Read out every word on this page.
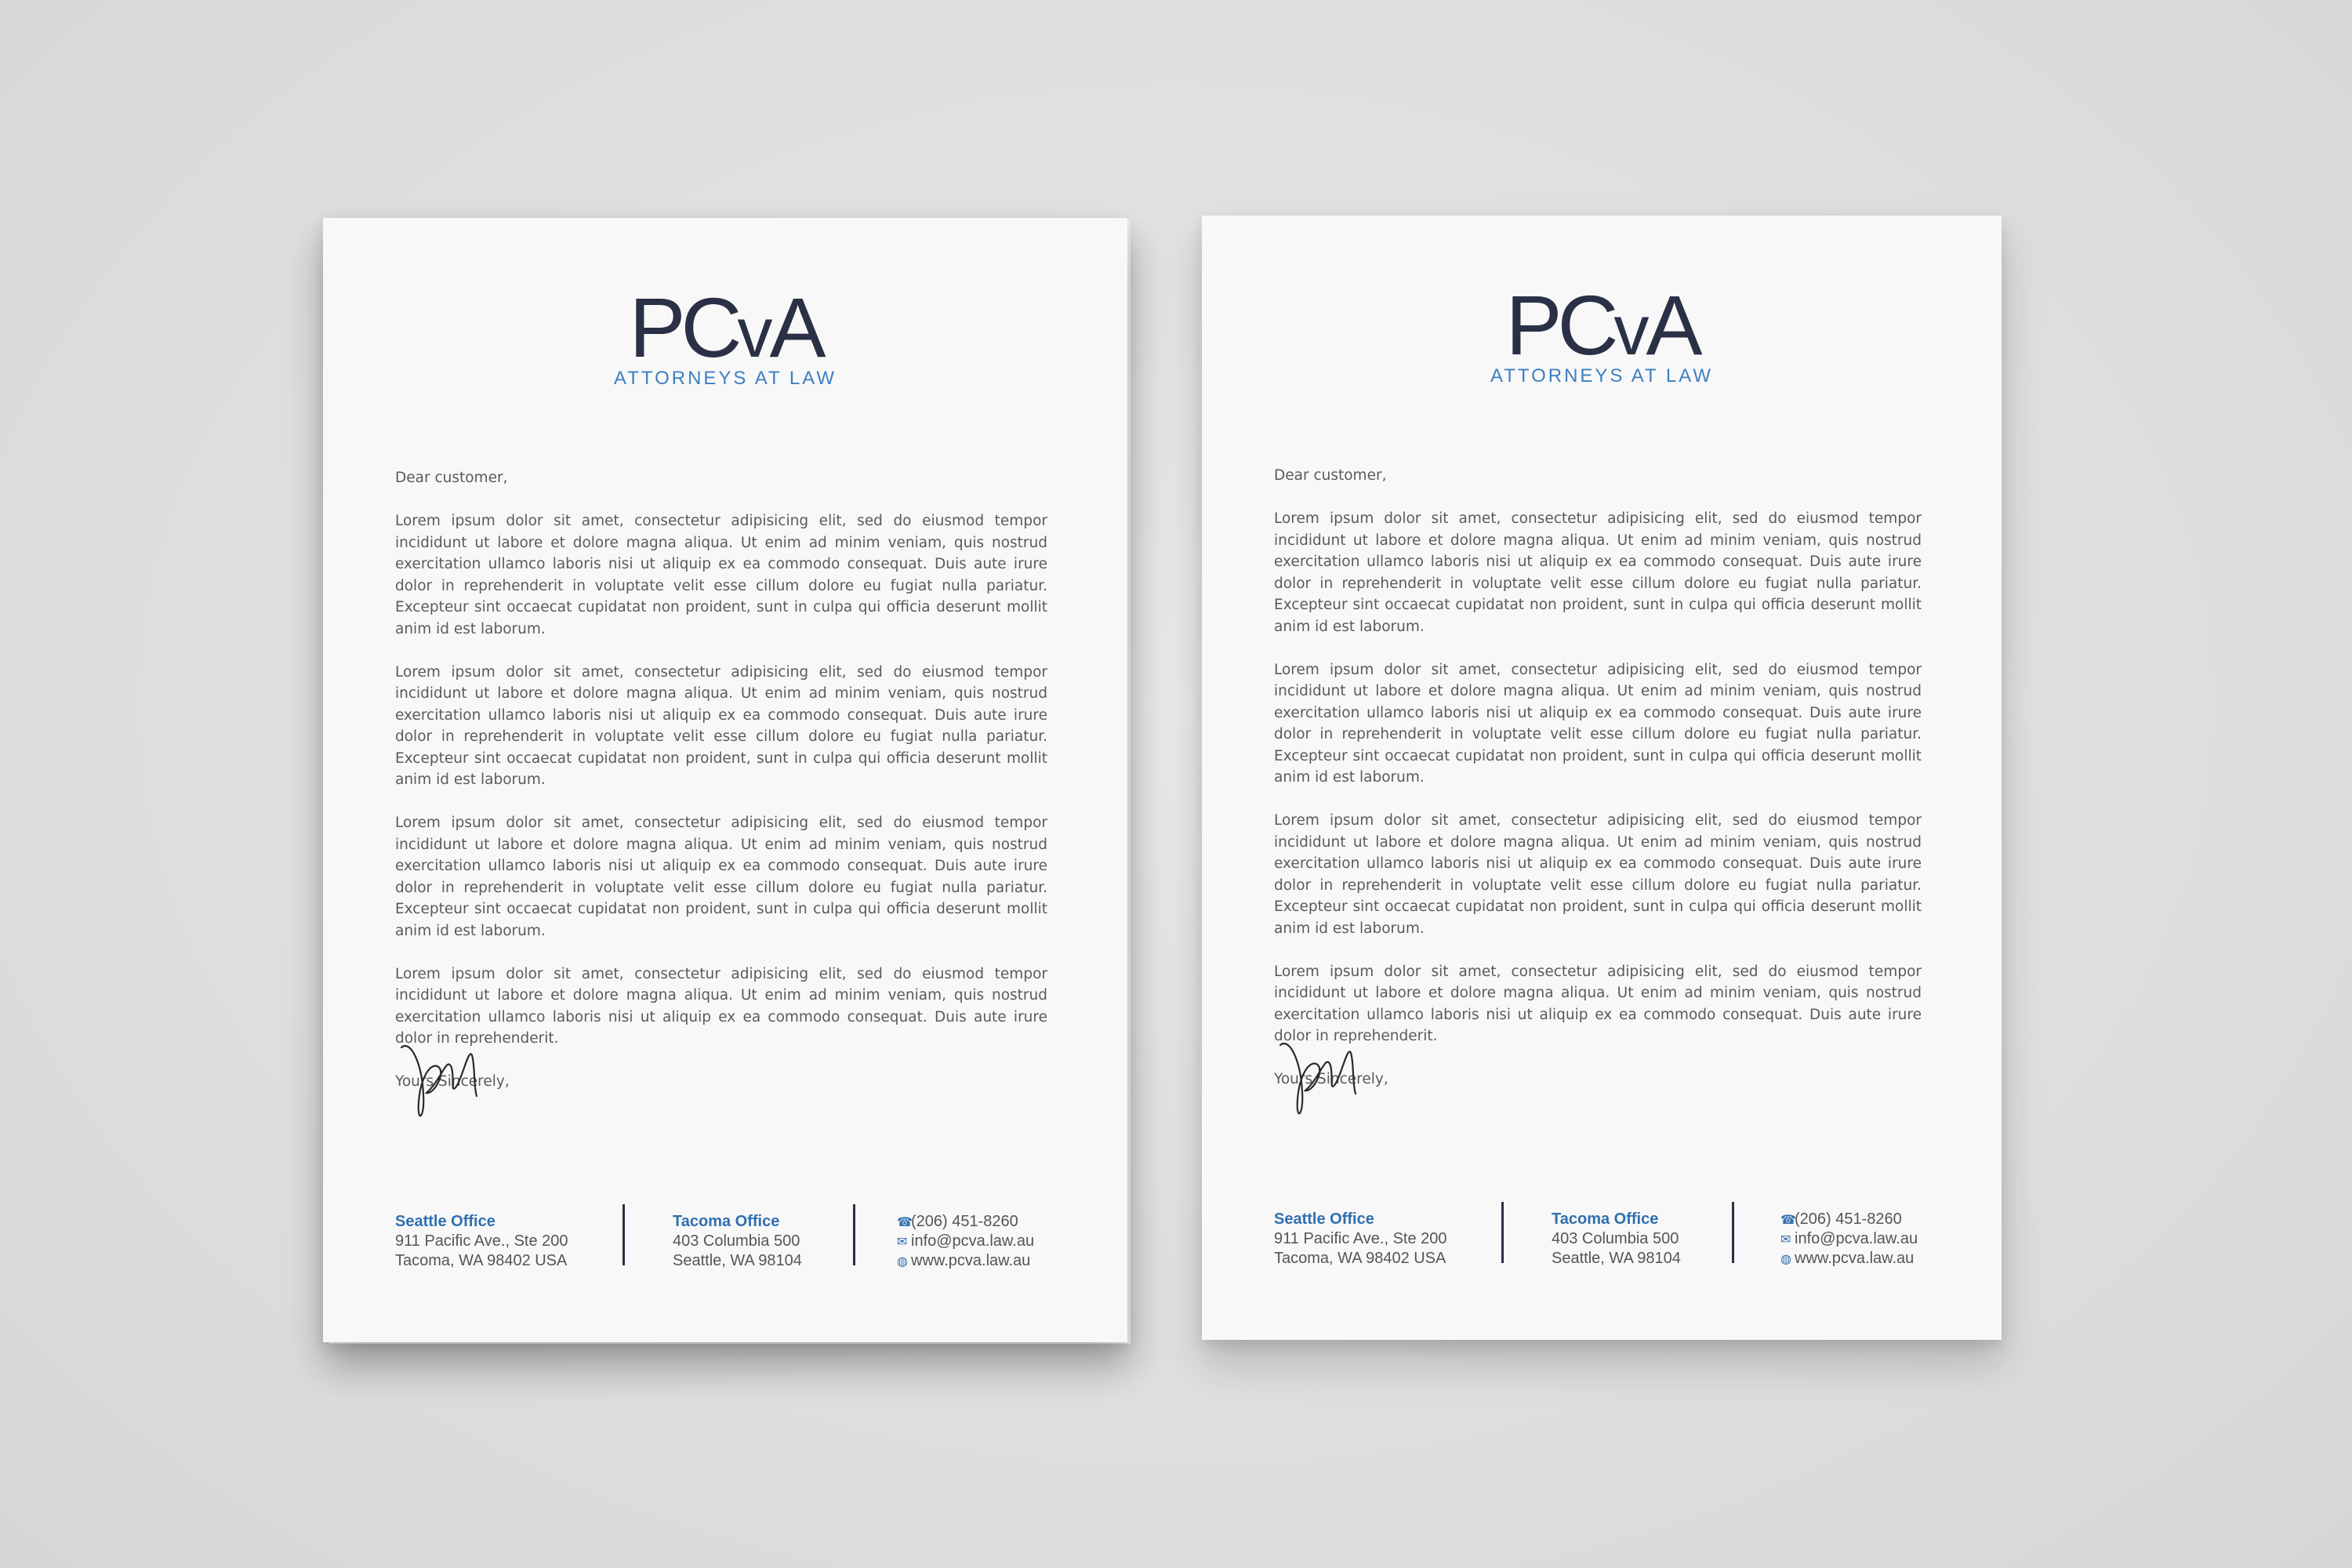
PCvA
ATTORNEYS AT LAW

Dear customer,

Lorem ipsum dolor sit amet, consectetur adipisicing elit, sed do eiusmod tempor incididunt ut labore et dolore magna aliqua. Ut enim ad minim veniam, quis nostrud exercitation ullamco laboris nisi ut aliquip ex ea commodo consequat. Duis aute irure dolor in reprehenderit in voluptate velit esse cillum dolore eu fugiat nulla pariatur. Excepteur sint occaecat cupidatat non proident, sunt in culpa qui officia deserunt mollit anim id est laborum.

Lorem ipsum dolor sit amet, consectetur adipisicing elit, sed do eiusmod tempor incididunt ut labore et dolore magna aliqua. Ut enim ad minim veniam, quis nostrud exercitation ullamco laboris nisi ut aliquip ex ea commodo consequat. Duis aute irure dolor in reprehenderit in voluptate velit esse cillum dolore eu fugiat nulla pariatur. Excepteur sint occaecat cupidatat non proident, sunt in culpa qui officia deserunt mollit anim id est laborum.

Lorem ipsum dolor sit amet, consectetur adipisicing elit, sed do eiusmod tempor incididunt ut labore et dolore magna aliqua. Ut enim ad minim veniam, quis nostrud exercitation ullamco laboris nisi ut aliquip ex ea commodo consequat. Duis aute irure dolor in reprehenderit in voluptate velit esse cillum dolore eu fugiat nulla pariatur. Excepteur sint occaecat cupidatat non proident, sunt in culpa qui officia deserunt mollit anim id est laborum.

Lorem ipsum dolor sit amet, consectetur adipisicing elit, sed do eiusmod tempor incididunt ut labore et dolore magna aliqua. Ut enim ad minim veniam, quis nostrud exercitation ullamco laboris nisi ut aliquip ex ea commodo consequat. Duis aute irure dolor in reprehenderit.

Yours Sincerely,

Seattle Office
911 Pacific Ave., Ste 200
Tacoma, WA 98402 USA
Tacoma Office
403 Columbia 500
Seattle, WA 98104
☎(206) 451-8260
✉ info@pcva.law.au
◍ www.pcva.law.au
PCvA
ATTORNEYS AT LAW

Dear customer,

Lorem ipsum dolor sit amet, consectetur adipisicing elit, sed do eiusmod tempor incididunt ut labore et dolore magna aliqua. Ut enim ad minim veniam, quis nostrud exercitation ullamco laboris nisi ut aliquip ex ea commodo consequat. Duis aute irure dolor in reprehenderit in voluptate velit esse cillum dolore eu fugiat nulla pariatur. Excepteur sint occaecat cupidatat non proident, sunt in culpa qui officia deserunt mollit anim id est laborum.

Lorem ipsum dolor sit amet, consectetur adipisicing elit, sed do eiusmod tempor incididunt ut labore et dolore magna aliqua. Ut enim ad minim veniam, quis nostrud exercitation ullamco laboris nisi ut aliquip ex ea commodo consequat. Duis aute irure dolor in reprehenderit in voluptate velit esse cillum dolore eu fugiat nulla pariatur. Excepteur sint occaecat cupidatat non proident, sunt in culpa qui officia deserunt mollit anim id est laborum.

Lorem ipsum dolor sit amet, consectetur adipisicing elit, sed do eiusmod tempor incididunt ut labore et dolore magna aliqua. Ut enim ad minim veniam, quis nostrud exercitation ullamco laboris nisi ut aliquip ex ea commodo consequat. Duis aute irure dolor in reprehenderit in voluptate velit esse cillum dolore eu fugiat nulla pariatur. Excepteur sint occaecat cupidatat non proident, sunt in culpa qui officia deserunt mollit anim id est laborum.

Lorem ipsum dolor sit amet, consectetur adipisicing elit, sed do eiusmod tempor incididunt ut labore et dolore magna aliqua. Ut enim ad minim veniam, quis nostrud exercitation ullamco laboris nisi ut aliquip ex ea commodo consequat. Duis aute irure dolor in reprehenderit.

Yours Sincerely,

Seattle Office
911 Pacific Ave., Ste 200
Tacoma, WA 98402 USA
Tacoma Office
403 Columbia 500
Seattle, WA 98104
☎(206) 451-8260
✉ info@pcva.law.au
◍ www.pcva.law.au
